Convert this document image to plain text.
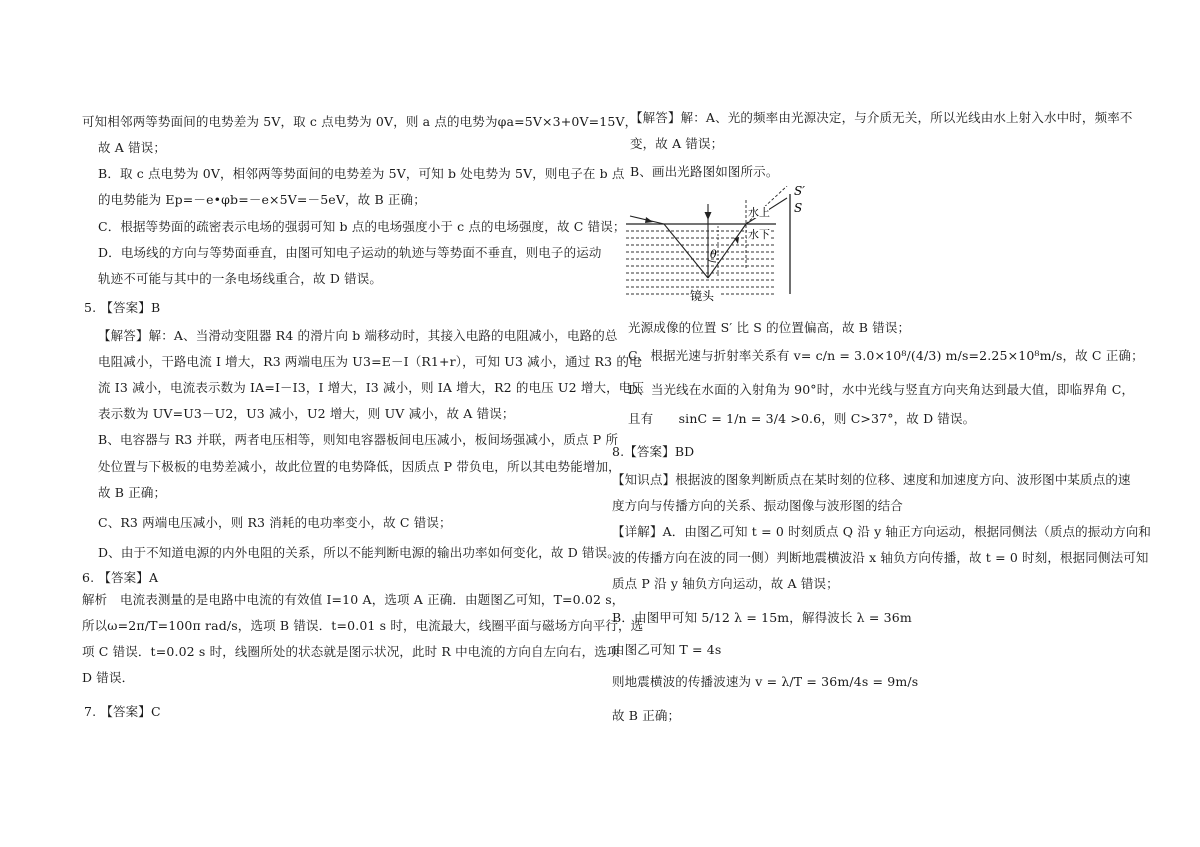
可知相邻两等势面间的电势差为 5V，取 c 点电势为 0V，则 a 点的电势为φa=5V×3+0V=15V，
故 A 错误；
B．取 c 点电势为 0V，相邻两等势面间的电势差为 5V，可知 b 处电势为 5V，则电子在 b 点
的电势能为 Ep=－e•φb=－e×5V=－5eV，故 B 正确；
C．根据等势面的疏密表示电场的强弱可知 b 点的电场强度小于 c 点的电场强度，故 C 错误；
D．电场线的方向与等势面垂直，由图可知电子运动的轨迹与等势面不垂直，则电子的运动
轨迹不可能与其中的一条电场线重合，故 D 错误。
5. 【答案】B
【解答】解：A、当滑动变阻器 R4 的滑片向 b 端移动时，其接入电路的电阻减小，电路的总
电阻减小，干路电流 I 增大，R3 两端电压为 U3=E－I（R1+r），可知 U3 减小，通过 R3 的电
流 I3 减小，电流表示数为 IA=I－I3，I 增大，I3 减小，则 IA 增大，R2 的电压 U2 增大，电压
表示数为 UV=U3－U2，U3 减小，U2 增大，则 UV 减小，故 A 错误；
B、电容器与 R3 并联，两者电压相等，则知电容器板间电压减小，板间场强减小，质点 P 所
处位置与下极板的电势差减小，故此位置的电势降低，因质点 P 带负电，所以其电势能增加，
故 B 正确；
C、R3 两端电压减小，则 R3 消耗的电功率变小，故 C 错误；
D、由于不知道电源的内外电阻的关系，所以不能判断电源的输出功率如何变化，故 D 错误。
6. 【答案】A
解析　电流表测量的是电路中电流的有效值 I=10 A，选项 A 正确．由题图乙可知，T=0.02 s，
所以ω=2π/T=100π rad/s，选项 B 错误．t=0.01 s 时，电流最大，线圈平面与磁场方向平行，选
项 C 错误．t=0.02 s 时，线圈所处的状态就是图示状况，此时 R 中电流的方向自左向右，选项
D 错误．
7. 【答案】C
【解答】解：A、光的频率由光源决定，与介质无关，所以光线由水上射入水中时，频率不
变，故 A 错误；
B、画出光路图如图所示。
S′
S
水上
水下
θ
镜头
光源成像的位置 S′ 比 S 的位置偏高，故 B 错误；
C、根据光速与折射率关系有 v= c/n = 3.0×10⁸/(4/3) m/s=2.25×10⁸m/s，故 C 正确；
D、当光线在水面的入射角为 90°时，水中光线与竖直方向夹角达到最大值，即临界角 C，
且有　　sinC = 1/n = 3/4 >0.6，则 C>37°，故 D 错误。
8.【答案】BD
【知识点】根据波的图象判断质点在某时刻的位移、速度和加速度方向、波形图中某质点的速
度方向与传播方向的关系、振动图像与波形图的结合
【详解】A．由图乙可知 t = 0 时刻质点 Q 沿 y 轴正方向运动，根据同侧法（质点的振动方向和
波的传播方向在波的同一侧）判断地震横波沿 x 轴负方向传播，故 t = 0 时刻，根据同侧法可知
质点 P 沿 y 轴负方向运动，故 A 错误；
B．由图甲可知 5/12 λ = 15m，解得波长 λ = 36m
由图乙可知 T = 4s
则地震横波的传播波速为 v = λ/T = 36m/4s = 9m/s
故 B 正确；
